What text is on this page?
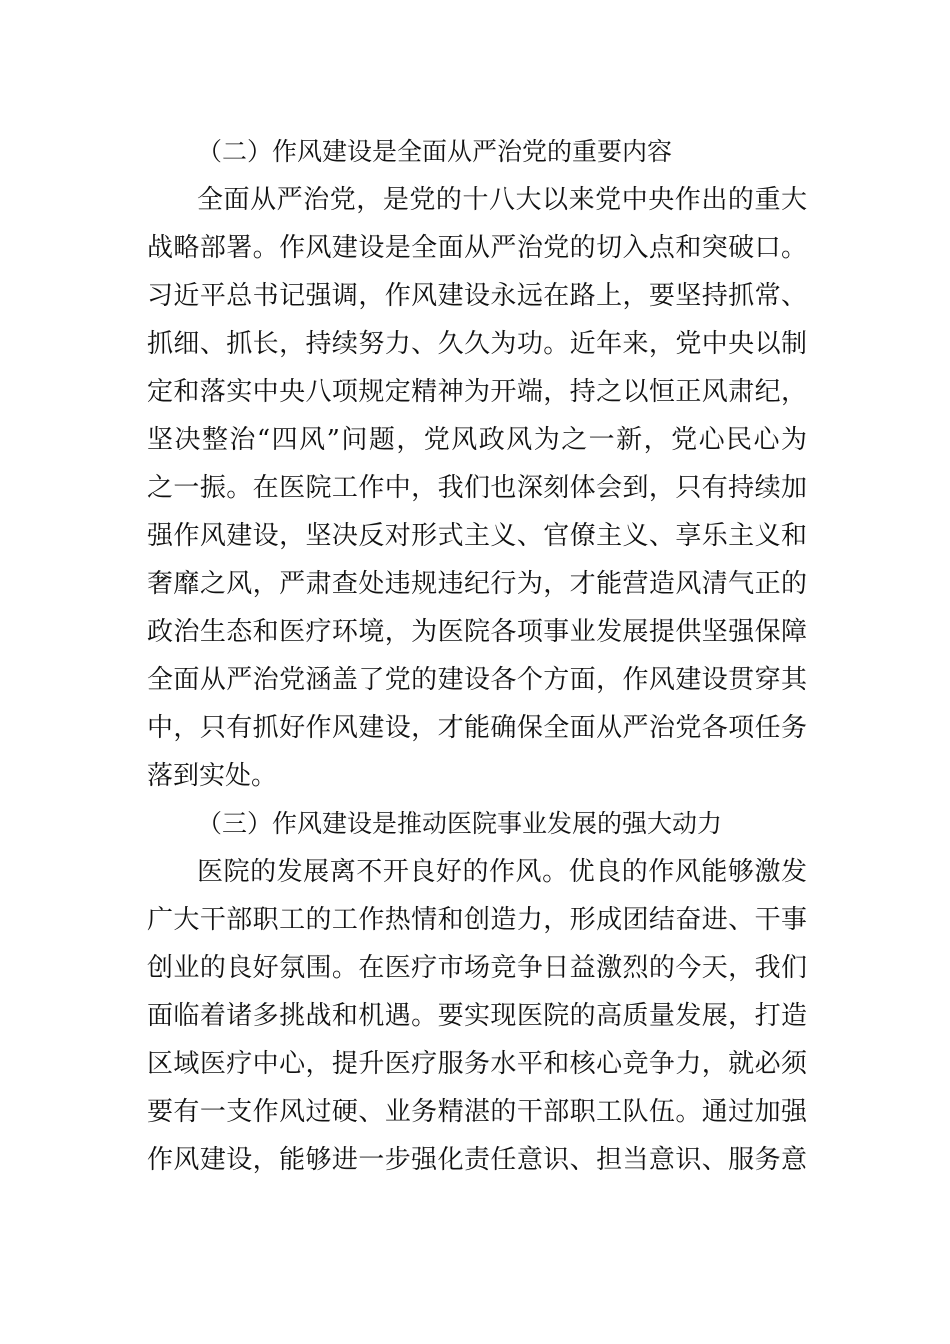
（二）作风建设是全面从严治党的重要内容
全面从严治党，是党的十八大以来党中央作出的重大
战略部署。作风建设是全面从严治党的切入点和突破口。
习近平总书记强调，作风建设永远在路上，要坚持抓常、
抓细、抓长，持续努力、久久为功。近年来，党中央以制
定和落实中央八项规定精神为开端，持之以恒正风肃纪，
坚决整治“四风”问题，党风政风为之一新，党心民心为
之一振。在医院工作中，我们也深刻体会到，只有持续加
强作风建设，坚决反对形式主义、官僚主义、享乐主义和
奢靡之风，严肃查处违规违纪行为，才能营造风清气正的
政治生态和医疗环境，为医院各项事业发展提供坚强保障
全面从严治党涵盖了党的建设各个方面，作风建设贯穿其
中，只有抓好作风建设，才能确保全面从严治党各项任务
落到实处。
（三）作风建设是推动医院事业发展的强大动力
医院的发展离不开良好的作风。优良的作风能够激发
广大干部职工的工作热情和创造力，形成团结奋进、干事
创业的良好氛围。在医疗市场竞争日益激烈的今天，我们
面临着诸多挑战和机遇。要实现医院的高质量发展，打造
区域医疗中心，提升医疗服务水平和核心竞争力，就必须
要有一支作风过硬、业务精湛的干部职工队伍。通过加强
作风建设，能够进一步强化责任意识、担当意识、服务意
